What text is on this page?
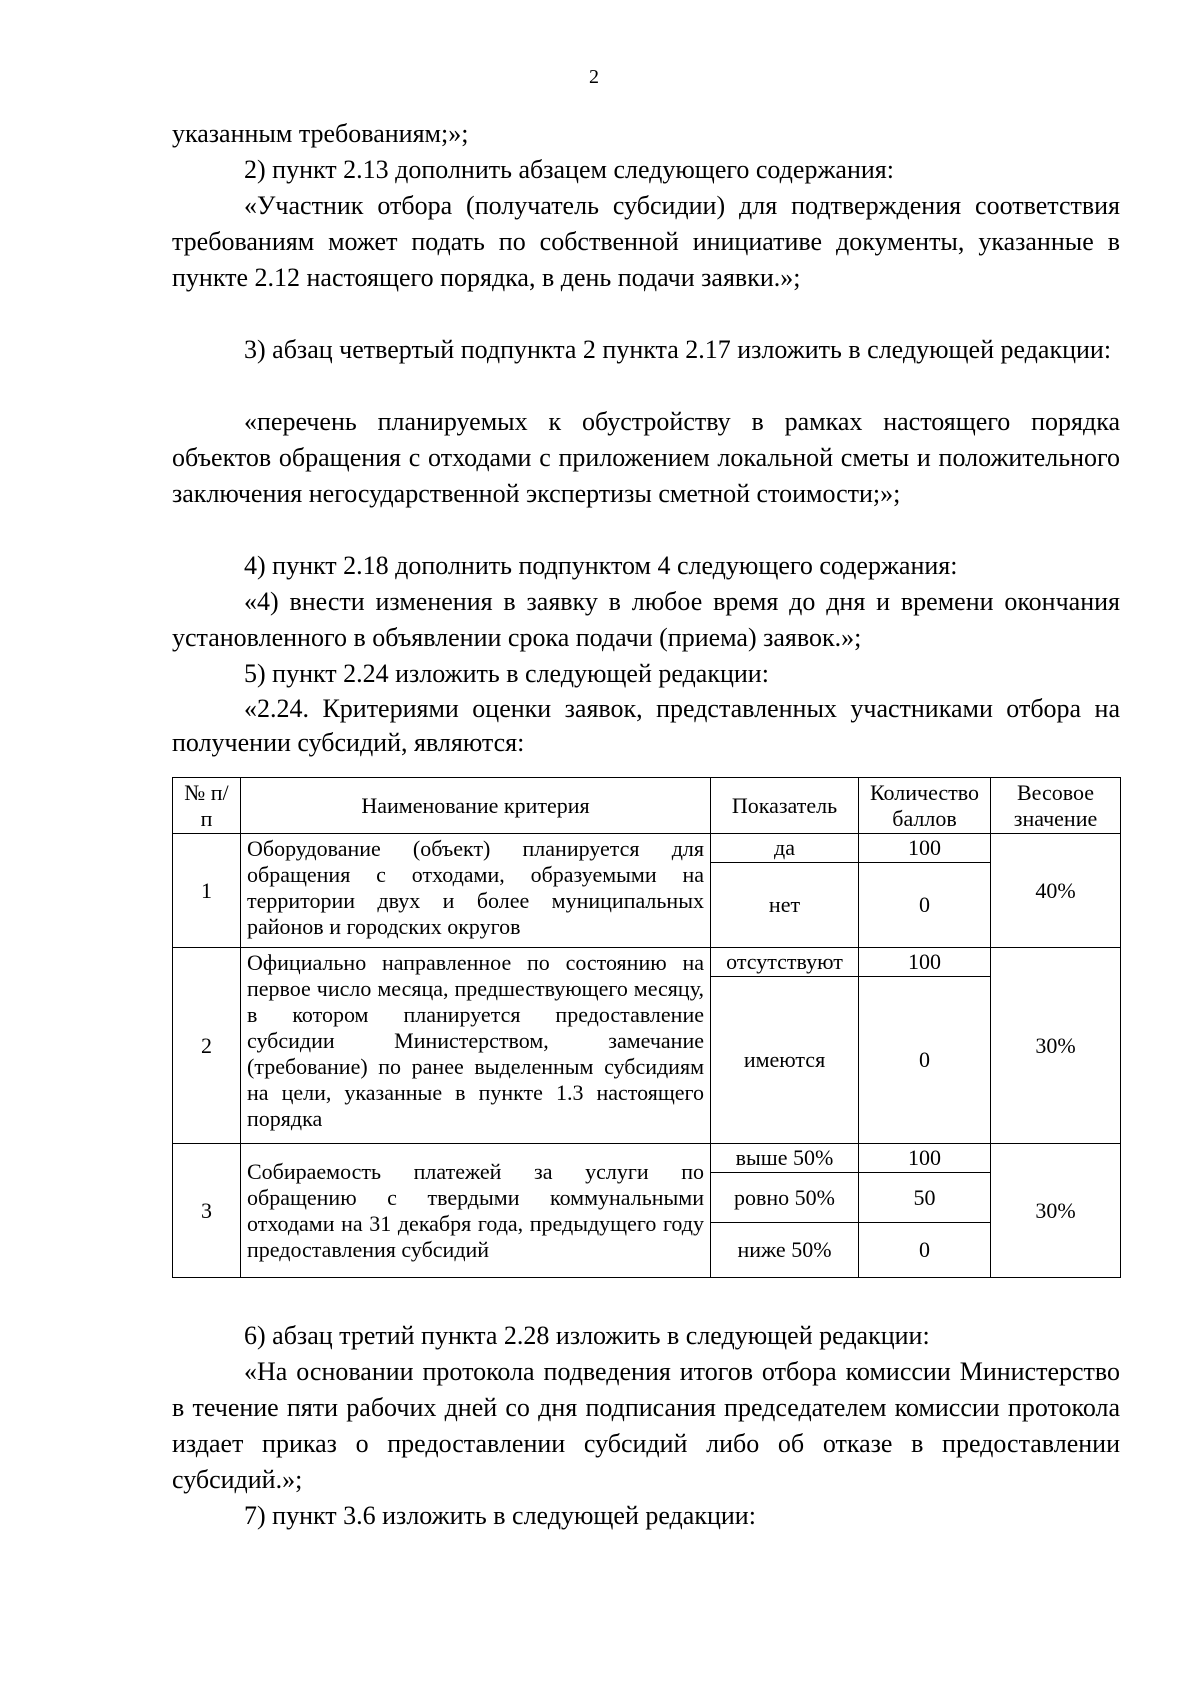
2

указанным требованиям;»;

2) пункт 2.13 дополнить абзацем следующего содержания:

«Участник отбора (получатель субсидии) для подтверждения соответствия требованиям может подать по собственной инициативе документы, указанные в пункте 2.12 настоящего порядка, в день подачи заявки.»;

3) абзац четвертый подпункта 2 пункта 2.17 изложить в следующей редакции:

«перечень планируемых к обустройству в рамках настоящего порядка объектов обращения с отходами с приложением локальной сметы и положительного заключения негосударственной экспертизы сметной стоимости;»;

4) пункт 2.18 дополнить подпунктом 4 следующего содержания:

«4) внести изменения в заявку в любое время до дня и времени окончания установленного в объявлении срока подачи (приема) заявок.»;

5) пункт 2.24 изложить в следующей редакции:

«2.24. Критериями оценки заявок, представленных участниками отбора на получении субсидий, являются:

№ п/п	Наименование критерия	Показатель	Количество баллов	Весовое значение
1	Оборудование (объект) планируется для обращения с отходами, образуемыми на территории двух и более муниципальных районов и городских округов	да	100	40%
		нет	0	
2	Официально направленное по состоянию на первое число месяца, предшествующего месяцу, в котором планируется предоставление субсидии Министерством, замечание (требование) по ранее выделенным субсидиям на цели, указанные в пункте 1.3 настоящего порядка	отсутствуют	100	30%
		имеются	0	
3	Собираемость платежей за услуги по обращению с твердыми коммунальными отходами на 31 декабря года, предыдущего году предоставления субсидий	выше 50%	100	30%
		ровно 50%	50	
		ниже 50%	0	

6) абзац третий пункта 2.28 изложить в следующей редакции:

«На основании протокола подведения итогов отбора комиссии Министерство в течение пяти рабочих дней со дня подписания председателем комиссии протокола издает приказ о предоставлении субсидий либо об отказе в предоставлении субсидий.»;

7) пункт 3.6 изложить в следующей редакции:
